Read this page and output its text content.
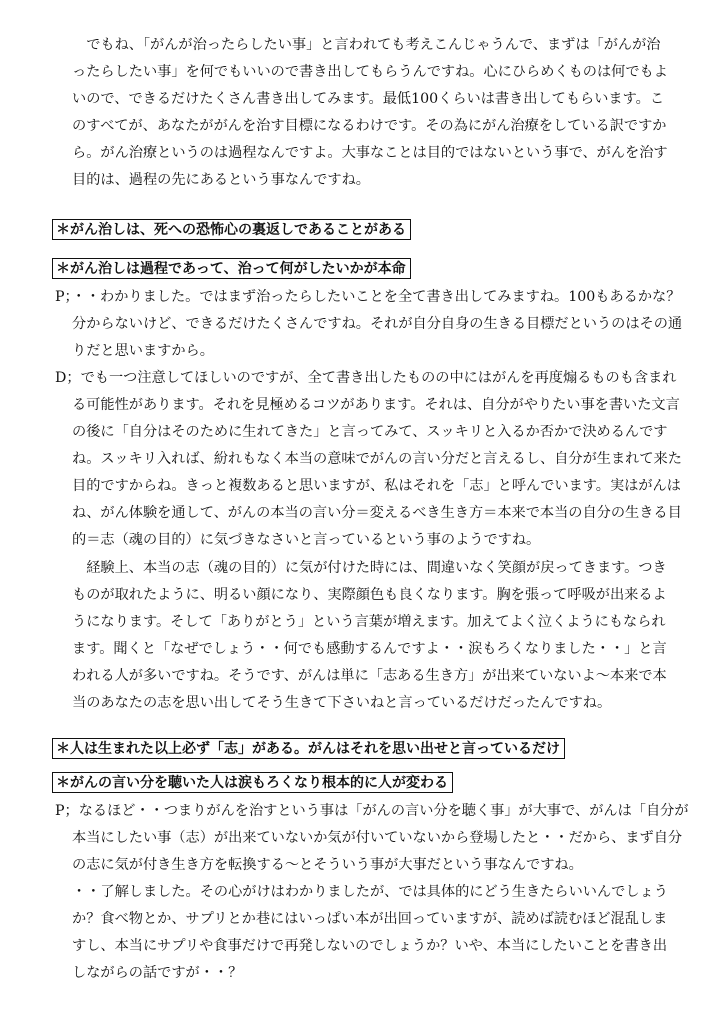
でもね、「がんが治ったらしたい事」と言われても考えこんじゃうんで、まずは「がんが治ったらしたい事」を何でもいいので書き出してもらうんですね。心にひらめくものは何でもよいので、できるだけたくさん書き出してみます。最低100くらいは書き出してもらいます。このすべてが、あなたががんを治す目標になるわけです。その為にがん治療をしている訳ですから。がん治療というのは過程なんですよ。大事なことは目的ではないという事で、がんを治す目的は、過程の先にあるという事なんですね。

＊がん治しは、死への恐怖心の裏返しであることがある
＊がん治しは過程であって、治って何がしたいかが本命

P；・・わかりました。ではまず治ったらしたいことを全て書き出してみますね。100もあるかな？分からないけど、できるだけたくさんですね。それが自分自身の生きる目標だというのはその通りだと思いますから。

D；でも一つ注意してほしいのですが、全て書き出したものの中にはがんを再度煽るものも含まれる可能性があります。それを見極めるコツがあります。それは、自分がやりたい事を書いた文言の後に「自分はそのために生れてきた」と言ってみて、スッキリと入るか否かで決めるんですね。スッキリ入れば、紛れもなく本当の意味でがんの言い分だと言えるし、自分が生まれて来た目的ですからね。きっと複数あると思いますが、私はそれを「志」と呼んでいます。実はがんはね、がん体験を通して、がんの本当の言い分＝変えるべき生き方＝本来で本当の自分の生きる目的＝志（魂の目的）に気づきなさいと言っているという事のようですね。

経験上、本当の志（魂の目的）に気が付けた時には、間違いなく笑顔が戻ってきます。つきものが取れたように、明るい顔になり、実際顔色も良くなります。胸を張って呼吸が出来るようになります。そして「ありがとう」という言葉が増えます。加えてよく泣くようにもなられます。聞くと「なぜでしょう・・何でも感動するんですよ・・涙もろくなりました・・」と言われる人が多いですね。そうです、がんは単に「志ある生き方」が出来ていないよ〜本来で本当のあなたの志を思い出してそう生きて下さいねと言っているだけだったんですね。

＊人は生まれた以上必ず「志」がある。がんはそれを思い出せと言っているだけ
＊がんの言い分を聴いた人は涙もろくなり根本的に人が変わる

P；なるほど・・つまりがんを治すという事は「がんの言い分を聴く事」が大事で、がんは「自分が本当にしたい事（志）が出来ていないか気が付いていないから登場したと・・だから、まず自分の志に気が付き生き方を転換する〜とそういう事が大事だという事なんですね。

・・了解しました。その心がけはわかりましたが、では具体的にどう生きたらいいんでしょうか？食べ物とか、サプリとか巷にはいっぱい本が出回っていますが、読めば読むほど混乱しますし、本当にサプリや食事だけで再発しないのでしょうか？いや、本当にしたいことを書き出しながらの話ですが・・？
